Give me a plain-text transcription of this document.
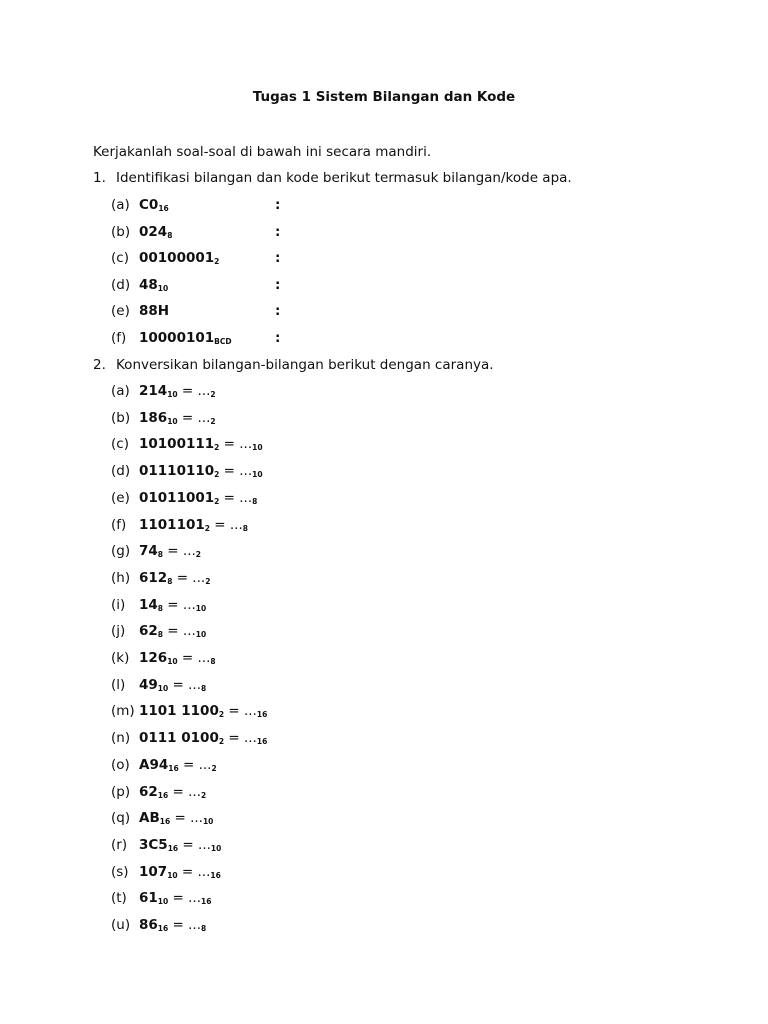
Tugas 1 Sistem Bilangan dan Kode
Kerjakanlah soal-soal di bawah ini secara mandiri.
1. Identifikasi bilangan dan kode berikut termasuk bilangan/kode apa.
(a) $C0_{16}$	:
(b) $024_8$	:
(c) $00100001_2$	:
(d) $48_{10}$	:
(e) 88H	:
(f) $10000101_{BCD}$	:
2. Konversikan bilangan-bilangan berikut dengan caranya.
(a) $214_{10} = ..._2$
(b) $186_{10} = ..._2$
(c) $10100111_2 = ..._{10}$
(d) $01110110_2 = ..._{10}$
(e) $01011001_2 = ..._8$
(f) $1101101_2 = ..._8$
(g) $74_8 = ..._2$
(h) $612_8 = ..._2$
(i) $14_8 = ..._{10}$
(j) $62_8 = ..._{10}$
(k) $126_{10} = ..._8$
(l) $49_{10} = ..._8$
(m) 1101 $1100_2 = ..._{16}$
(n) 0111 $0100_2 = ..._{16}$
(o) $A94_{16} = ..._2$
(p) $62_{16} = ..._2$
(q) $AB_{16} = ..._{10}$
(r) $3C5_{16} = ..._{10}$
(s) $107_{10} = ..._{16}$
(t) $61_{10} = ..._{16}$
(u) $86_{16} = ..._8$
